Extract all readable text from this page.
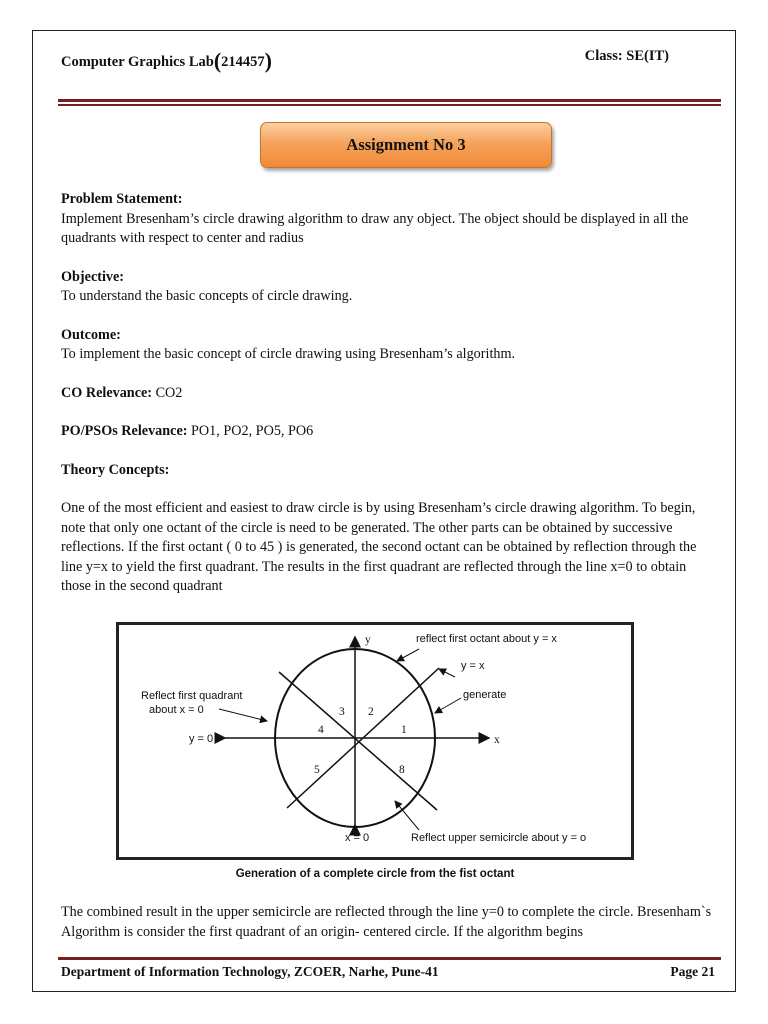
Computer Graphics Lab(214457)	Class: SE(IT)
Assignment No 3

Problem Statement:

Implement Bresenham’s circle drawing algorithm to draw any object. The object should be displayed in all the quadrants with respect to center and radius

Objective:

To understand the basic concepts of circle drawing.

Outcome:

To implement the basic concept of circle drawing using Bresenham’s algorithm.

CO Relevance: CO2

PO/PSOs Relevance: PO1, PO2, PO5, PO6

Theory Concepts:

One of the most efficient and easiest to draw circle is by using Bresenham’s circle drawing algorithm. To begin, note that only one octant of the circle is need to be generated. The other parts can be obtained by successive reflections. If the first octant ( 0 to 45 ) is generated, the second octant can be obtained by reflection through the line y=x to yield the first quadrant. The results in the first quadrant are reflected through the line x=0 to obtain those in the second quadrant

y
x
reflect first octant about y = x
y = x
generate
Reflect first quadrant
about x = 0
y = 0
x = 0	Reflect upper semicircle about y = o
1
2
3
4
5	8
Generation of a complete circle from the fist octant

The combined result in the upper semicircle are reflected through the line y=0 to complete the circle. Bresenham`s Algorithm is consider the first quadrant of an origin- centered circle. If the algorithm begins

Department of Information Technology, ZCOER, Narhe, Pune-41	Page 21
